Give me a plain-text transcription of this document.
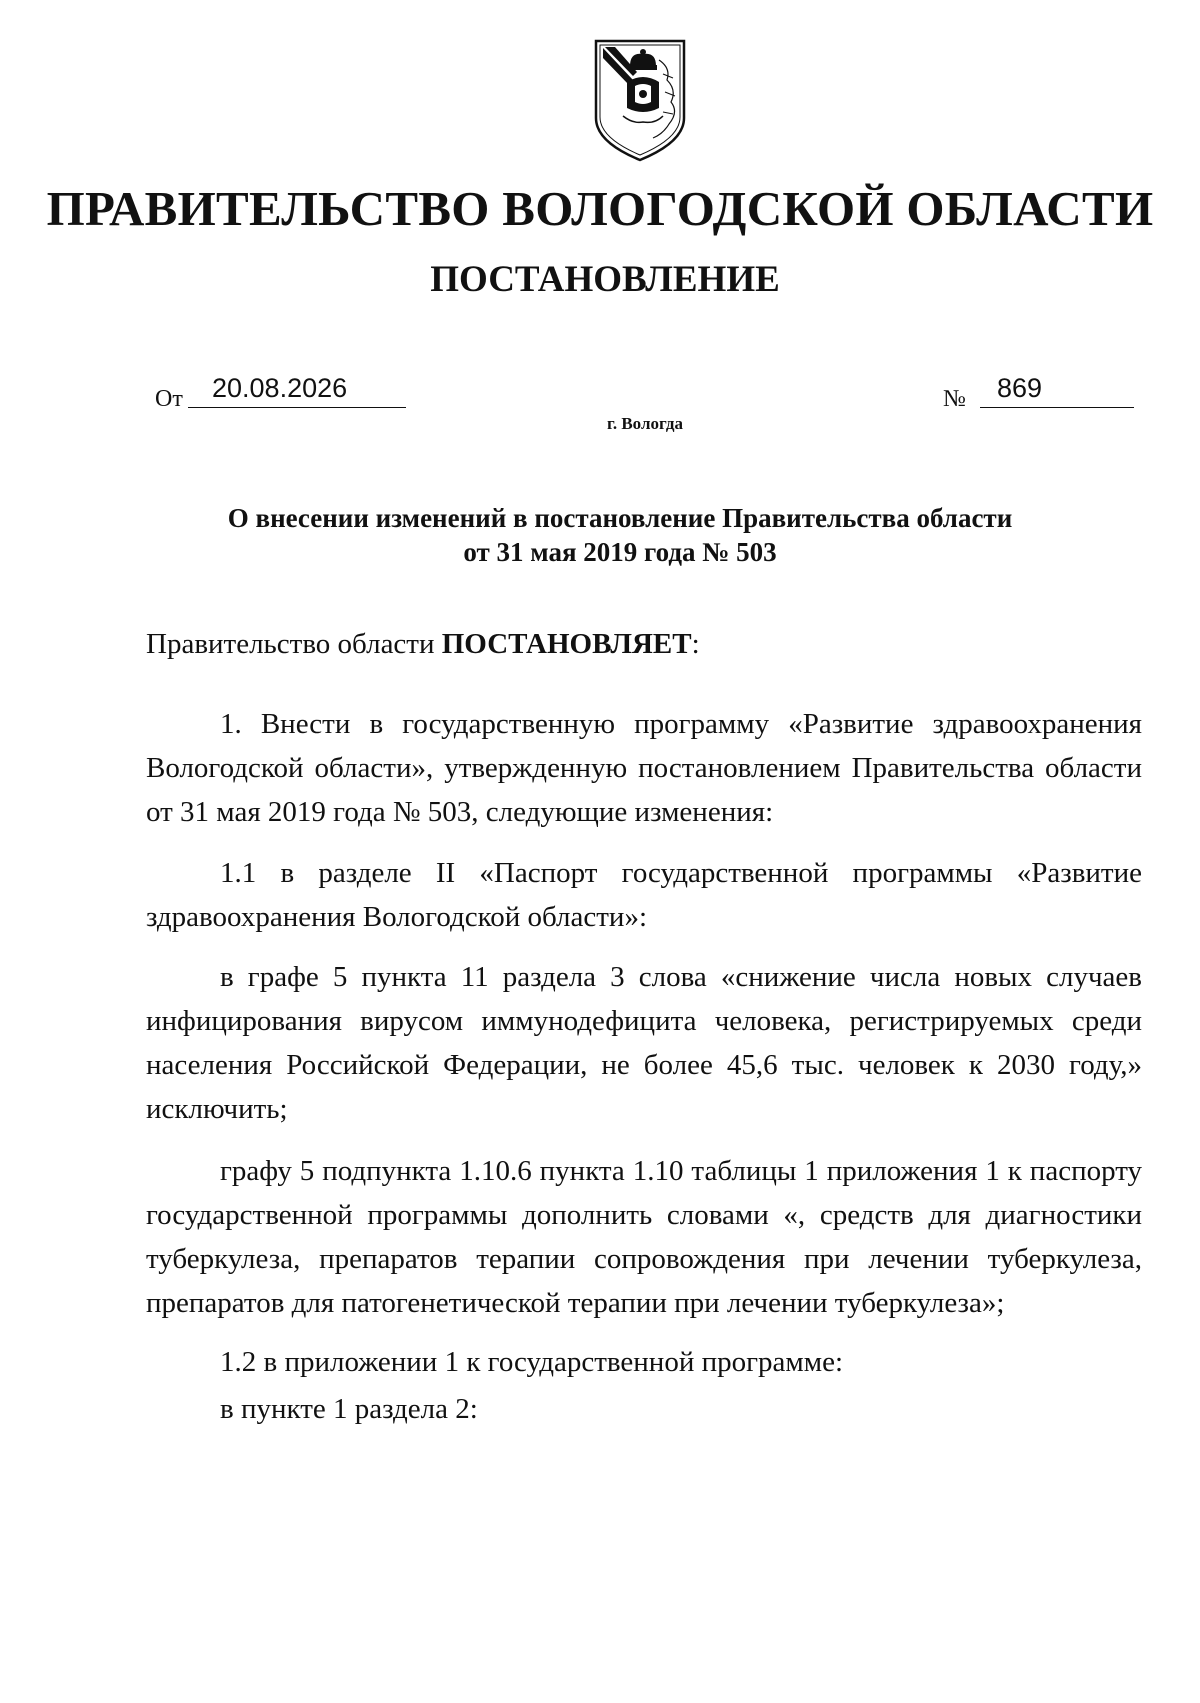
ПРАВИТЕЛЬСТВО ВОЛОГОДСКОЙ ОБЛАСТИ
ПОСТАНОВЛЕНИЕ
От 20.08.2026	№ 869
г. Вологда
О внесении изменений в постановление Правительства области
от 31 мая 2019 года № 503
Правительство области ПОСТАНОВЛЯЕТ:

1. Внести в государственную программу «Развитие здравоохранения Вологодской области», утвержденную постановлением Правительства области от 31 мая 2019 года № 503, следующие изменения:

1.1 в разделе II «Паспорт государственной программы «Развитие здравоохранения Вологодской области»:

в графе 5 пункта 11 раздела 3 слова «снижение числа новых случаев инфицирования вирусом иммунодефицита человека, регистрируемых среди населения Российской Федерации, не более 45,6 тыс. человек к 2030 году,» исключить;

графу 5 подпункта 1.10.6 пункта 1.10 таблицы 1 приложения 1 к паспорту государственной программы дополнить словами «, средств для диагностики туберкулеза, препаратов терапии сопровождения при лечении туберкулеза, препаратов для патогенетической терапии при лечении туберкулеза»;

1.2 в приложении 1 к государственной программе:

в пункте 1 раздела 2:
